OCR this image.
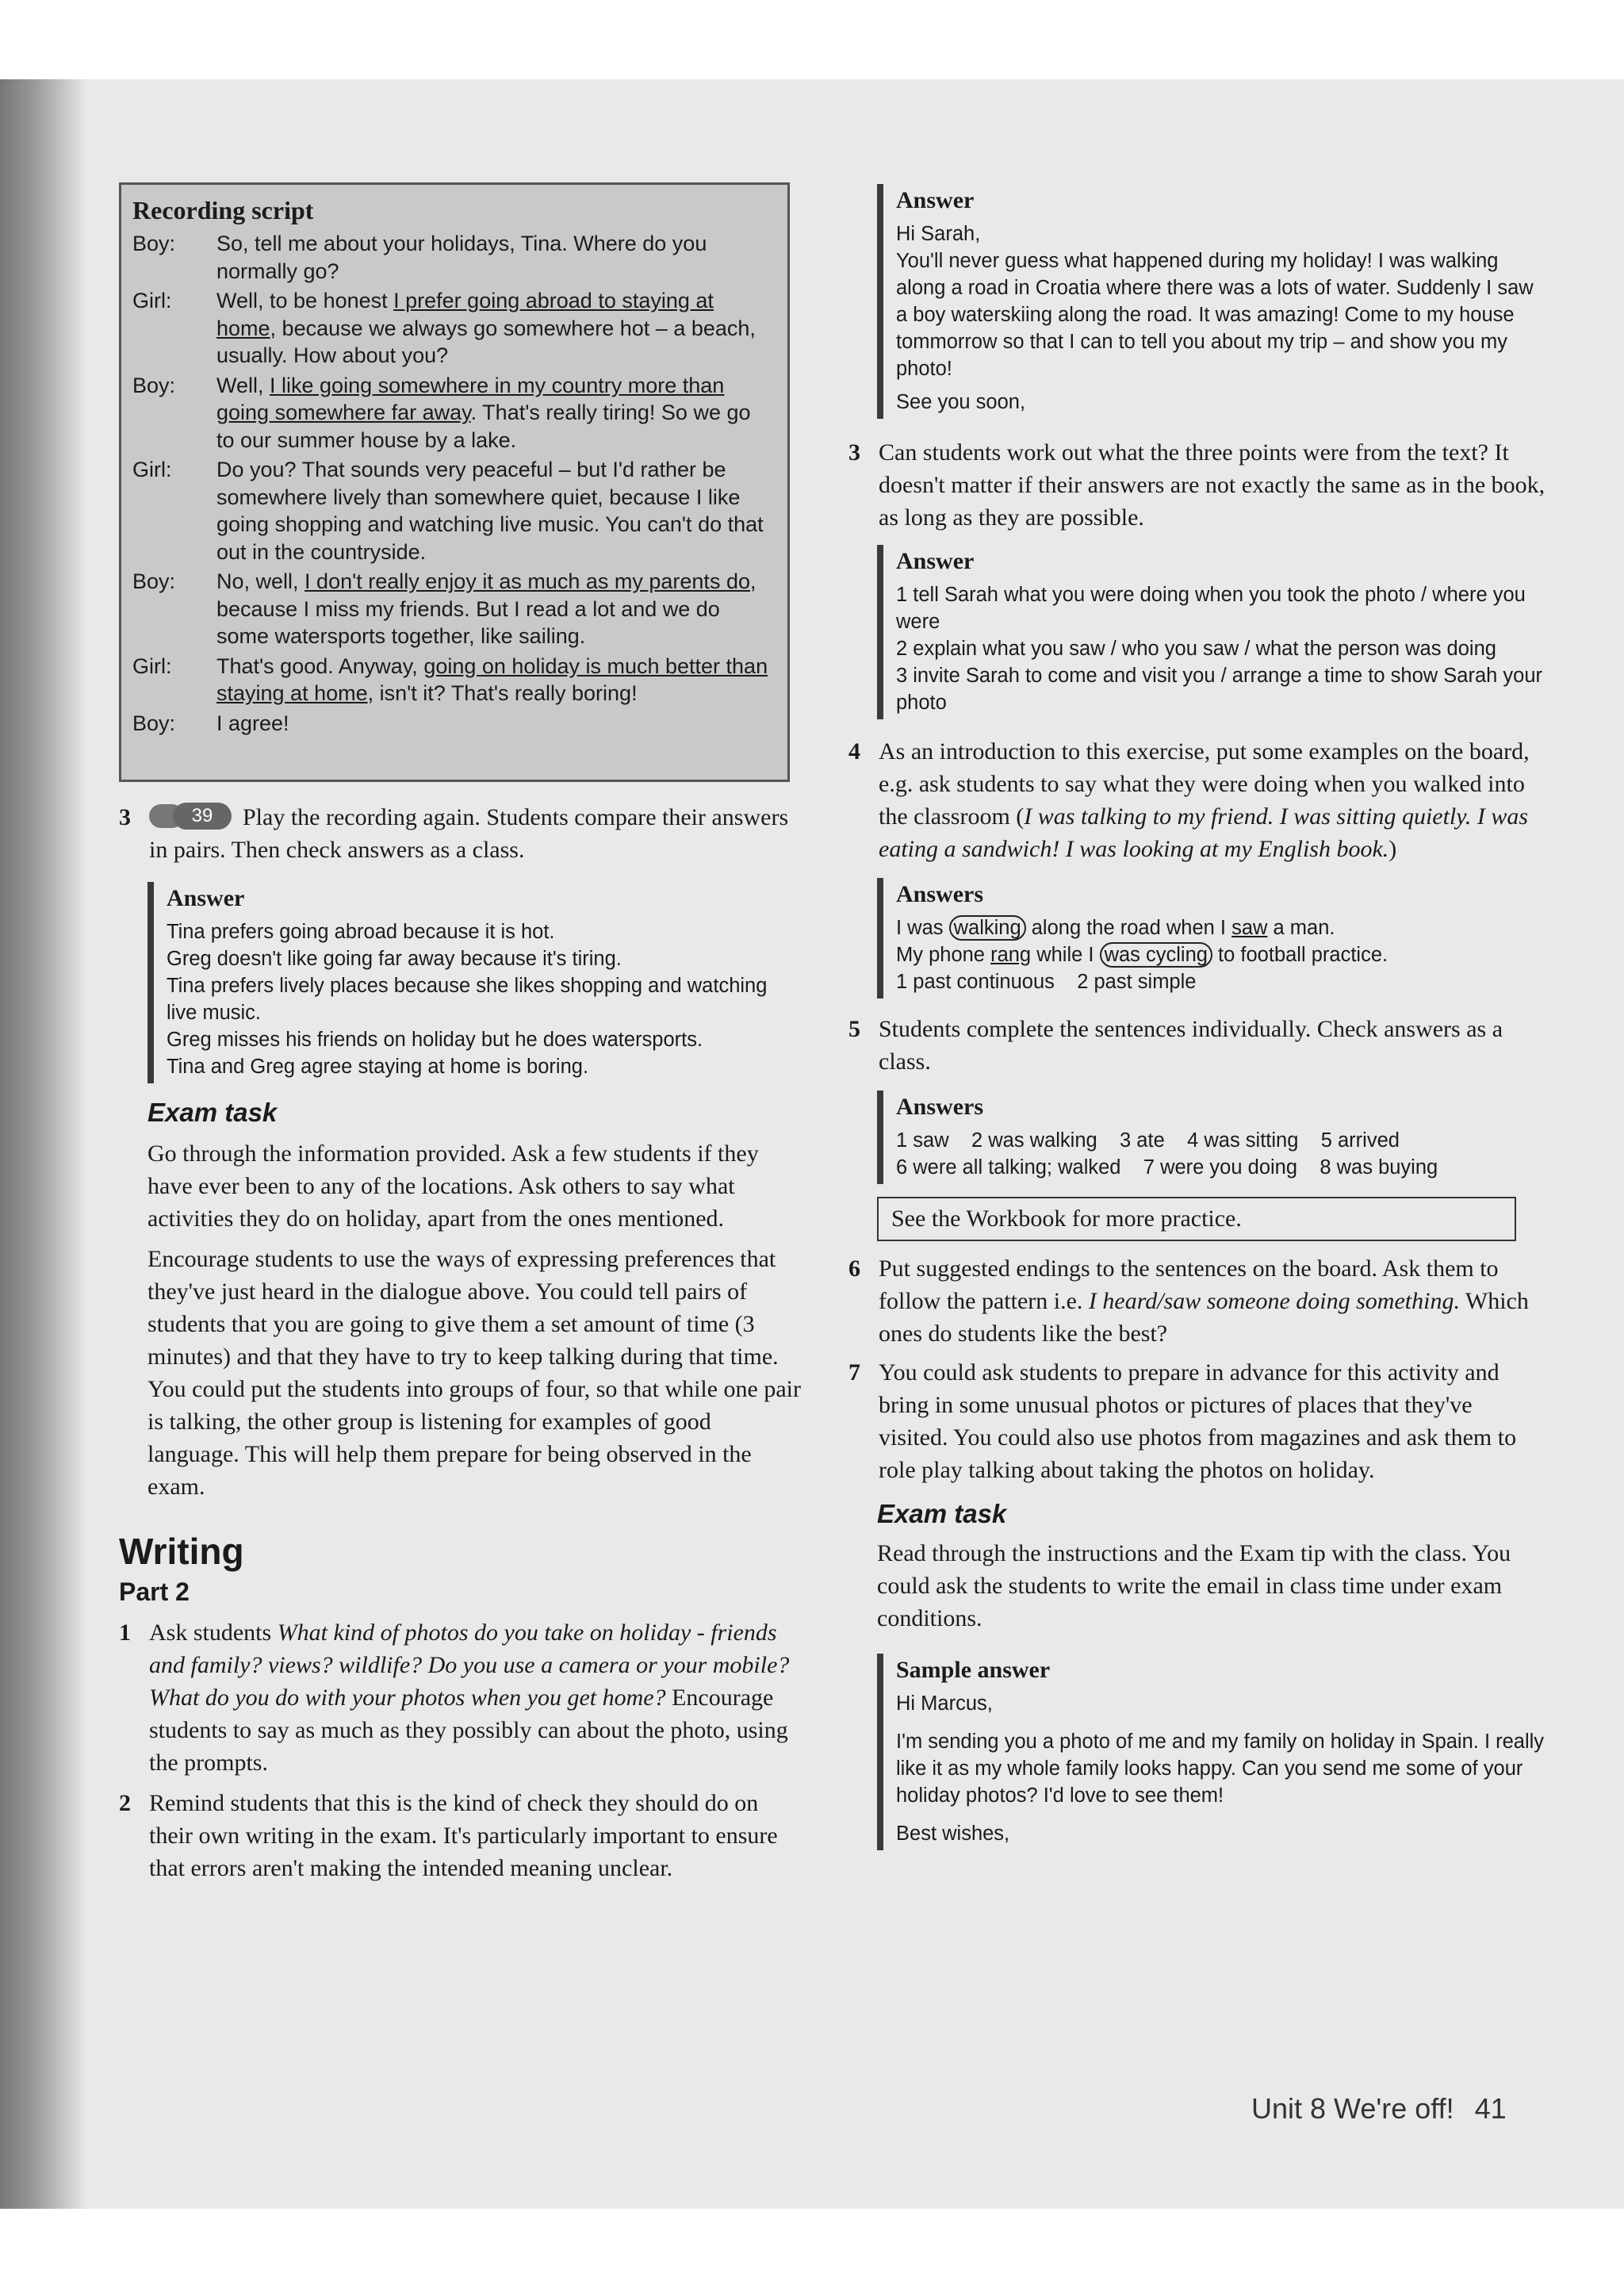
Recording script
Boy:	So, tell me about your holidays, Tina. Where do you normally go?
Girl:	Well, to be honest I prefer going abroad to staying at home, because we always go somewhere hot – a beach, usually. How about you?
Boy:	Well, I like going somewhere in my country more than going somewhere far away. That's really tiring! So we go to our summer house by a lake.
Girl:	Do you? That sounds very peaceful – but I'd rather be somewhere lively than somewhere quiet, because I like going shopping and watching live music. You can't do that out in the countryside.
Boy:	No, well, I don't really enjoy it as much as my parents do, because I miss my friends. But I read a lot and we do some watersports together, like sailing.
Girl:	That's good. Anyway, going on holiday is much better than staying at home, isn't it? That's really boring!
Boy:	I agree!
3	39	Play the recording again. Students compare their answers in pairs. Then check answers as a class.
Answer
Tina prefers going abroad because it is hot.
Greg doesn't like going far away because it's tiring.
Tina prefers lively places because she likes shopping and watching live music.
Greg misses his friends on holiday but he does watersports.
Tina and Greg agree staying at home is boring.
Exam task
Go through the information provided. Ask a few students if they have ever been to any of the locations. Ask others to say what activities they do on holiday, apart from the ones mentioned.
Encourage students to use the ways of expressing preferences that they've just heard in the dialogue above. You could tell pairs of students that you are going to give them a set amount of time (3 minutes) and that they have to try to keep talking during that time. You could put the students into groups of four, so that while one pair is talking, the other group is listening for examples of good language. This will help them prepare for being observed in the exam.
Writing
Part 2
1 Ask students What kind of photos do you take on holiday - friends and family? views? wildlife? Do you use a camera or your mobile? What do you do with your photos when you get home? Encourage students to say as much as they possibly can about the photo, using the prompts.
2 Remind students that this is the kind of check they should do on their own writing in the exam. It's particularly important to ensure that errors aren't making the intended meaning unclear.
Answer
Hi Sarah,
You'll never guess what happened during my holiday! I was walking along a road in Croatia where there was a lots of water. Suddenly I saw a boy waterskiing along the road. It was amazing! Come to my house tommorrow so that I can to tell you about my trip – and show you my photo!
See you soon,
3 Can students work out what the three points were from the text? It doesn't matter if their answers are not exactly the same as in the book, as long as they are possible.
Answer
1 tell Sarah what you were doing when you took the photo / where you were
2 explain what you saw / who you saw / what the person was doing
3 invite Sarah to come and visit you / arrange a time to show Sarah your photo
4 As an introduction to this exercise, put some examples on the board, e.g. ask students to say what they were doing when you walked into the classroom (I was talking to my friend. I was sitting quietly. I was eating a sandwich! I was looking at my English book.)
Answers
I was walking along the road when I saw a man.
My phone rang while I was cycling to football practice.
1 past continuous    2 past simple
5 Students complete the sentences individually. Check answers as a class.
Answers
1 saw    2 was walking    3 ate    4 was sitting    5 arrived
6 were all talking; walked    7 were you doing    8 was buying
See the Workbook for more practice.
6 Put suggested endings to the sentences on the board. Ask them to follow the pattern i.e. I heard/saw someone doing something. Which ones do students like the best?
7 You could ask students to prepare in advance for this activity and bring in some unusual photos or pictures of places that they've visited. You could also use photos from magazines and ask them to role play talking about taking the photos on holiday.
Exam task
Read through the instructions and the Exam tip with the class. You could ask the students to write the email in class time under exam conditions.
Sample answer
Hi Marcus,
I'm sending you a photo of me and my family on holiday in Spain. I really like it as my whole family looks happy. Can you send me some of your holiday photos? I'd love to see them!
Best wishes,
Unit 8 We're off! 41
